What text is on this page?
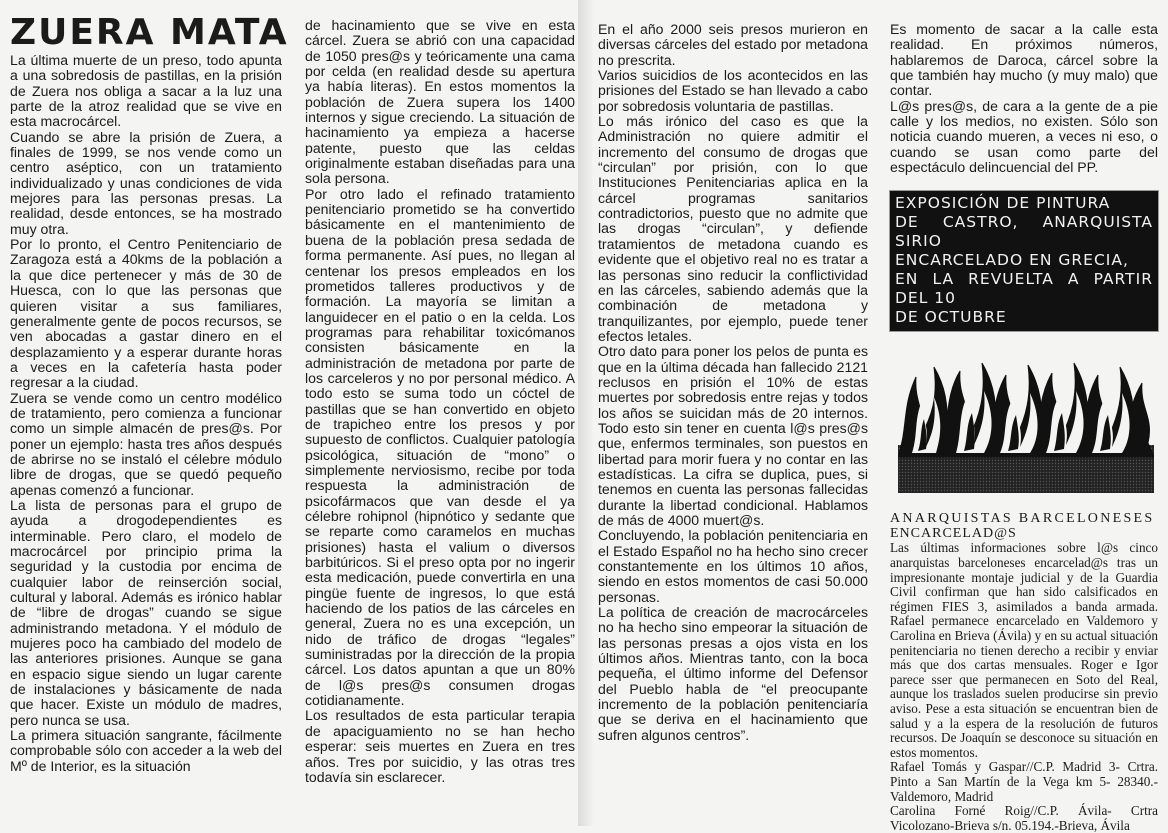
ZUERA MATA

La última muerte de un preso, todo apunta a una sobredosis de pastillas, en la prisión de Zuera nos obliga a sacar a la luz una parte de la atroz realidad que se vive en esta macrocárcel.

Cuando se abre la prisión de Zuera, a finales de 1999, se nos vende como un centro aséptico, con un tratamiento individualizado y unas condiciones de vida mejores para las personas presas. La realidad, desde entonces, se ha mostrado muy otra.

Por lo pronto, el Centro Penitenciario de Zaragoza está a 40kms de la población a la que dice pertenecer y más de 30 de Huesca, con lo que las personas que quieren visitar a sus familiares, generalmente gente de pocos recursos, se ven abocadas a gastar dinero en el desplazamiento y a esperar durante horas a veces en la cafetería hasta poder regresar a la ciudad.

Zuera se vende como un centro modélico de tratamiento, pero comienza a funcionar como un simple almacén de pres@s. Por poner un ejemplo: hasta tres años después de abrirse no se instaló el célebre módulo libre de drogas, que se quedó pequeño apenas comenzó a funcionar.

La lista de personas para el grupo de ayuda a drogodependientes es interminable. Pero claro, el modelo de macrocárcel por principio prima la seguridad y la custodia por encima de cualquier labor de reinserción social, cultural y laboral. Además es irónico hablar de “libre de drogas” cuando se sigue administrando metadona. Y el módulo de mujeres poco ha cambiado del modelo de las anteriores prisiones. Aunque se gana en espacio sigue siendo un lugar carente de instalaciones y básicamente de nada que hacer. Existe un módulo de madres, pero nunca se usa.

La primera situación sangrante, fácilmente comprobable sólo con acceder a la web del Mº de Interior, es la situación

de hacinamiento que se vive en esta cárcel. Zuera se abrió con una capacidad de 1050 pres@s y teóricamente una cama por celda (en realidad desde su apertura ya había literas). En estos momentos la población de Zuera supera los 1400 internos y sigue creciendo. La situación de hacinamiento ya empieza a hacerse patente, puesto que las celdas originalmente estaban diseñadas para una sola persona.

Por otro lado el refinado tratamiento penitenciario prometido se ha convertido básicamente en el mantenimiento de buena de la población presa sedada de forma permanente. Así pues, no llegan al centenar los presos empleados en los prometidos talleres productivos y de formación. La mayoría se limitan a languidecer en el patio o en la celda. Los programas para rehabilitar toxicómanos consisten básicamente en la administración de metadona por parte de los carceleros y no por personal médico. A todo esto se suma todo un cóctel de pastillas que se han convertido en objeto de trapicheo entre los presos y por supuesto de conflictos. Cualquier patología psicológica, situación de “mono” o simplemente nerviosismo, recibe por toda respuesta la administración de psicofármacos que van desde el ya célebre rohipnol (hipnótico y sedante que se reparte como caramelos en muchas prisiones) hasta el valium o diversos barbitúricos. Si el preso opta por no ingerir esta medicación, puede convertirla en una pingüe fuente de ingresos, lo que está haciendo de los patios de las cárceles en general, Zuera no es una excepción, un nido de tráfico de drogas “legales” suministradas por la dirección de la propia cárcel. Los datos apuntan a que un 80% de l@s pres@s consumen drogas cotidianamente.

Los resultados de esta particular terapia de apaciguamiento no se han hecho esperar: seis muertes en Zuera en tres años. Tres por suicidio, y las otras tres todavía sin esclarecer.

En el año 2000 seis presos murieron en diversas cárceles del estado por metadona no prescrita.

Varios suicidios de los acontecidos en las prisiones del Estado se han llevado a cabo por sobredosis voluntaria de pastillas.

Lo más irónico del caso es que la Administración no quiere admitir el incremento del consumo de drogas que “circulan” por prisión, con lo que Instituciones Penitenciarias aplica en la cárcel programas sanitarios contradictorios, puesto que no admite que las drogas “circulan”, y defiende tratamientos de metadona cuando es evidente que el objetivo real no es tratar a las personas sino reducir la conflictividad en las cárceles, sabiendo además que la combinación de metadona y tranquilizantes, por ejemplo, puede tener efectos letales.

Otro dato para poner los pelos de punta es que en la última década han fallecido 2121 reclusos en prisión el 10% de estas muertes por sobredosis entre rejas y todos los años se suicidan más de 20 internos. Todo esto sin tener en cuenta l@s pres@s que, enfermos terminales, son puestos en libertad para morir fuera y no contar en las estadísticas. La cifra se duplica, pues, si tenemos en cuenta las personas fallecidas durante la libertad condicional. Hablamos de más de 4000 muert@s.

Concluyendo, la población penitenciaria en el Estado Español no ha hecho sino crecer constantemente en los últimos 10 años, siendo en estos momentos de casi 50.000 personas.

La política de creación de macrocárceles no ha hecho sino empeorar la situación de las personas presas a ojos vista en los últimos años. Mientras tanto, con la boca pequeña, el último informe del Defensor del Pueblo habla de “el preocupante incremento de la población penitenciaría que se deriva en el hacinamiento que sufren algunos centros”.

Es momento de sacar a la calle esta realidad. En próximos números, hablaremos de Daroca, cárcel sobre la que también hay mucho (y muy malo) que contar.

L@s pres@s, de cara a la gente de a pie calle y los medios, no existen. Sólo son noticia cuando mueren, a veces ni eso, o cuando se usan como parte del espectáculo delincuencial del PP.

EXPOSICIÓN DE PINTURA
DE CASTRO, ANARQUISTA SIRIO
ENCARCELADO EN GRECIA,
EN LA REVUELTA A PARTIR DEL 10
DE OCTUBRE
ANARQUISTAS BARCELONESES
ENCARCELAD@S

Las últimas informaciones sobre l@s cinco anarquistas barceloneses encarcelad@s tras un impresionante montaje judicial y de la Guardia Civil confirman que han sido calsificados en régimen FIES 3, asimilados a banda armada. Rafael permanece encarcelado en Valdemoro y Carolina en Brieva (Ávila) y en su actual situación penitenciaria no tienen derecho a recibir y enviar más que dos cartas mensuales. Roger e Igor parece sser que permanecen en Soto del Real, aunque los traslados suelen producirse sin previo aviso. Pese a esta situación se encuentran bien de salud y a la espera de la resolución de futuros recursos. De Joaquín se desconoce su situación en estos momentos.

Rafael Tomás y Gaspar//C.P. Madrid 3- Crtra. Pinto a San Martín de la Vega km 5- 28340.- Valdemoro, Madrid

Carolina Forné Roig//C.P. Ávila- Crtra Vicolozano-Brieva s/n. 05.194.-Brieva, Ávila
